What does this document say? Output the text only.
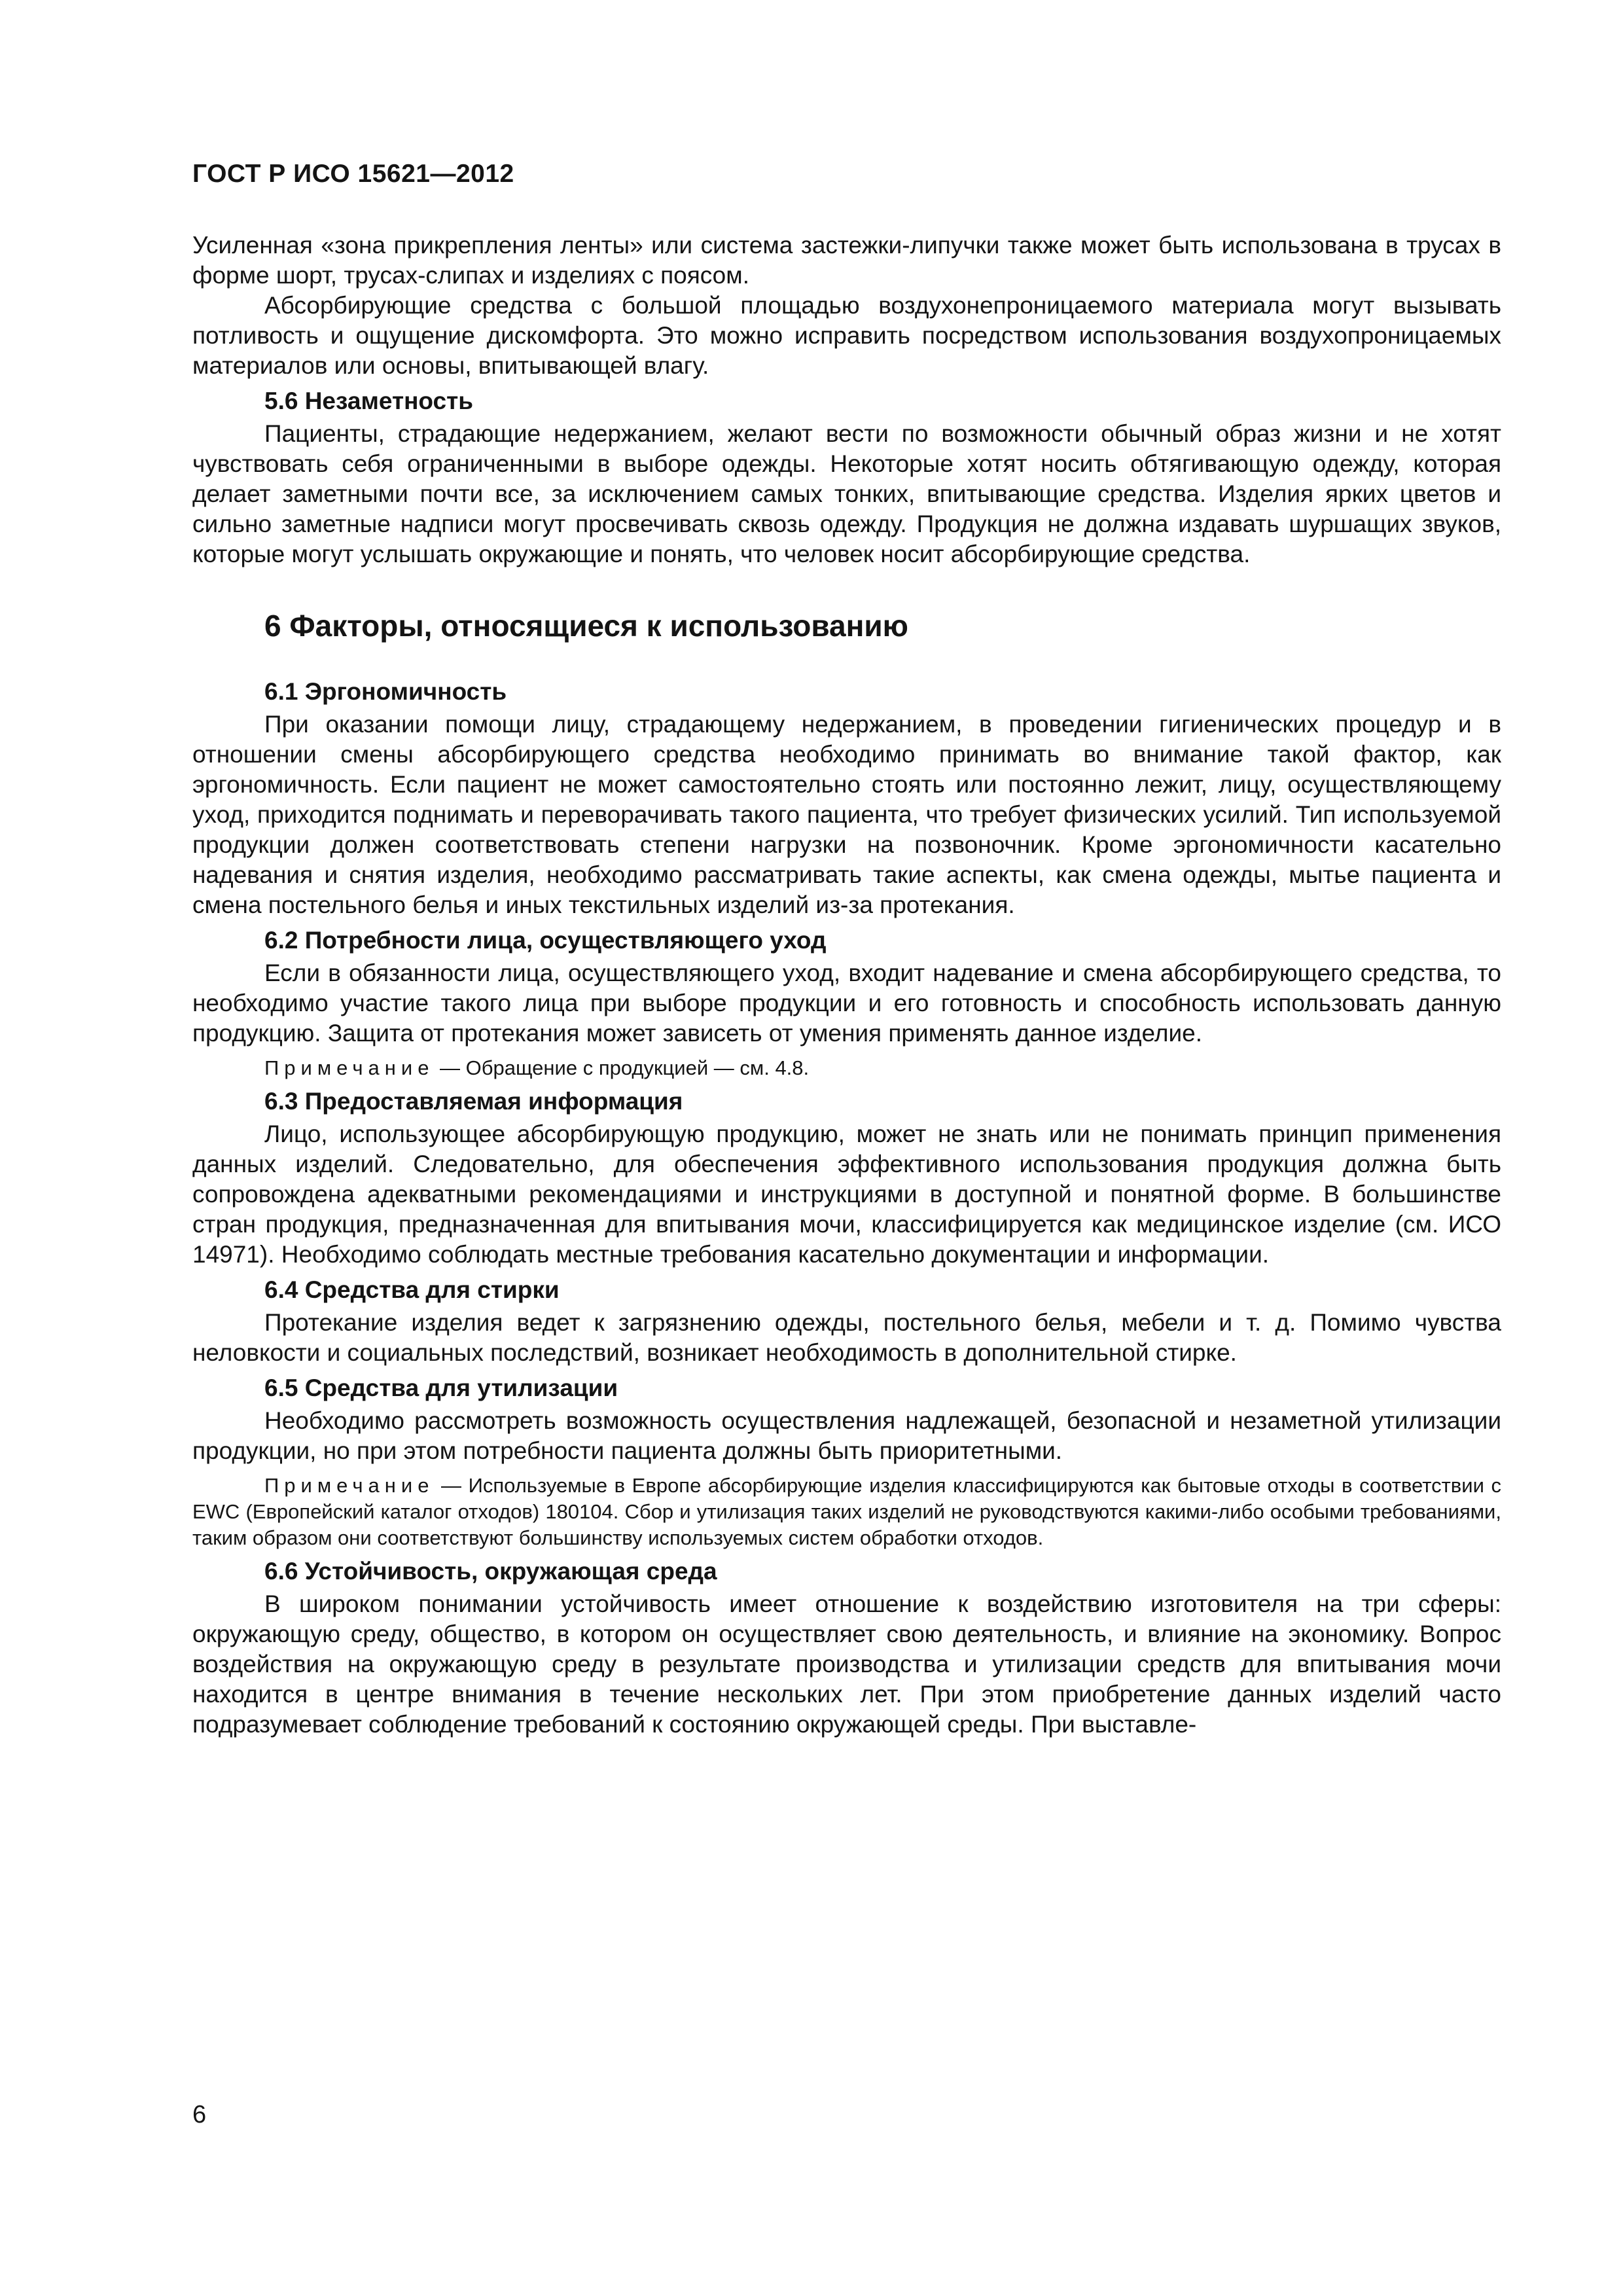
ГОСТ Р ИСО 15621—2012

Усиленная «зона прикрепления ленты» или система застежки-липучки также может быть использована в трусах в форме шорт, трусах-слипах и изделиях с поясом.

Абсорбирующие средства с большой площадью воздухонепроницаемого материала могут вызывать потливость и ощущение дискомфорта. Это можно исправить посредством использования воздухопроницаемых материалов или основы, впитывающей влагу.

5.6 Незаметность

Пациенты, страдающие недержанием, желают вести по возможности обычный образ жизни и не хотят чувствовать себя ограниченными в выборе одежды. Некоторые хотят носить обтягивающую одежду, которая делает заметными почти все, за исключением самых тонких, впитывающие средства. Изделия ярких цветов и сильно заметные надписи могут просвечивать сквозь одежду. Продукция не должна издавать шуршащих звуков, которые могут услышать окружающие и понять, что человек носит абсорбирующие средства.

6 Факторы, относящиеся к использованию
6.1 Эргономичность

При оказании помощи лицу, страдающему недержанием, в проведении гигиенических процедур и в отношении смены абсорбирующего средства необходимо принимать во внимание такой фактор, как эргономичность. Если пациент не может самостоятельно стоять или постоянно лежит, лицу, осуществляющему уход, приходится поднимать и переворачивать такого пациента, что требует физических усилий. Тип используемой продукции должен соответствовать степени нагрузки на позвоночник. Кроме эргономичности касательно надевания и снятия изделия, необходимо рассматривать такие аспекты, как смена одежды, мытье пациента и смена постельного белья и иных текстильных изделий из-за протекания.

6.2 Потребности лица, осуществляющего уход

Если в обязанности лица, осуществляющего уход, входит надевание и смена абсорбирующего средства, то необходимо участие такого лица при выборе продукции и его готовность и способность использовать данную продукцию. Защита от протекания может зависеть от умения применять данное изделие.

Примечание — Обращение с продукцией — см. 4.8.

6.3 Предоставляемая информация

Лицо, использующее абсорбирующую продукцию, может не знать или не понимать принцип применения данных изделий. Следовательно, для обеспечения эффективного использования продукция должна быть сопровождена адекватными рекомендациями и инструкциями в доступной и понятной форме. В большинстве стран продукция, предназначенная для впитывания мочи, классифицируется как медицинское изделие (см. ИСО 14971). Необходимо соблюдать местные требования касательно документации и информации.

6.4 Средства для стирки

Протекание изделия ведет к загрязнению одежды, постельного белья, мебели и т. д. Помимо чувства неловкости и социальных последствий, возникает необходимость в дополнительной стирке.

6.5 Средства для утилизации

Необходимо рассмотреть возможность осуществления надлежащей, безопасной и незаметной утилизации продукции, но при этом потребности пациента должны быть приоритетными.

Примечание — Используемые в Европе абсорбирующие изделия классифицируются как бытовые отходы в соответствии с EWC (Европейский каталог отходов) 180104. Сбор и утилизация таких изделий не руководствуются какими-либо особыми требованиями, таким образом они соответствуют большинству используемых систем обработки отходов.

6.6 Устойчивость, окружающая среда

В широком понимании устойчивость имеет отношение к воздействию изготовителя на три сферы: окружающую среду, общество, в котором он осуществляет свою деятельность, и влияние на экономику. Вопрос воздействия на окружающую среду в результате производства и утилизации средств для впитывания мочи находится в центре внимания в течение нескольких лет. При этом приобретение данных изделий часто подразумевает соблюдение требований к состоянию окружающей среды. При выставле-

6
